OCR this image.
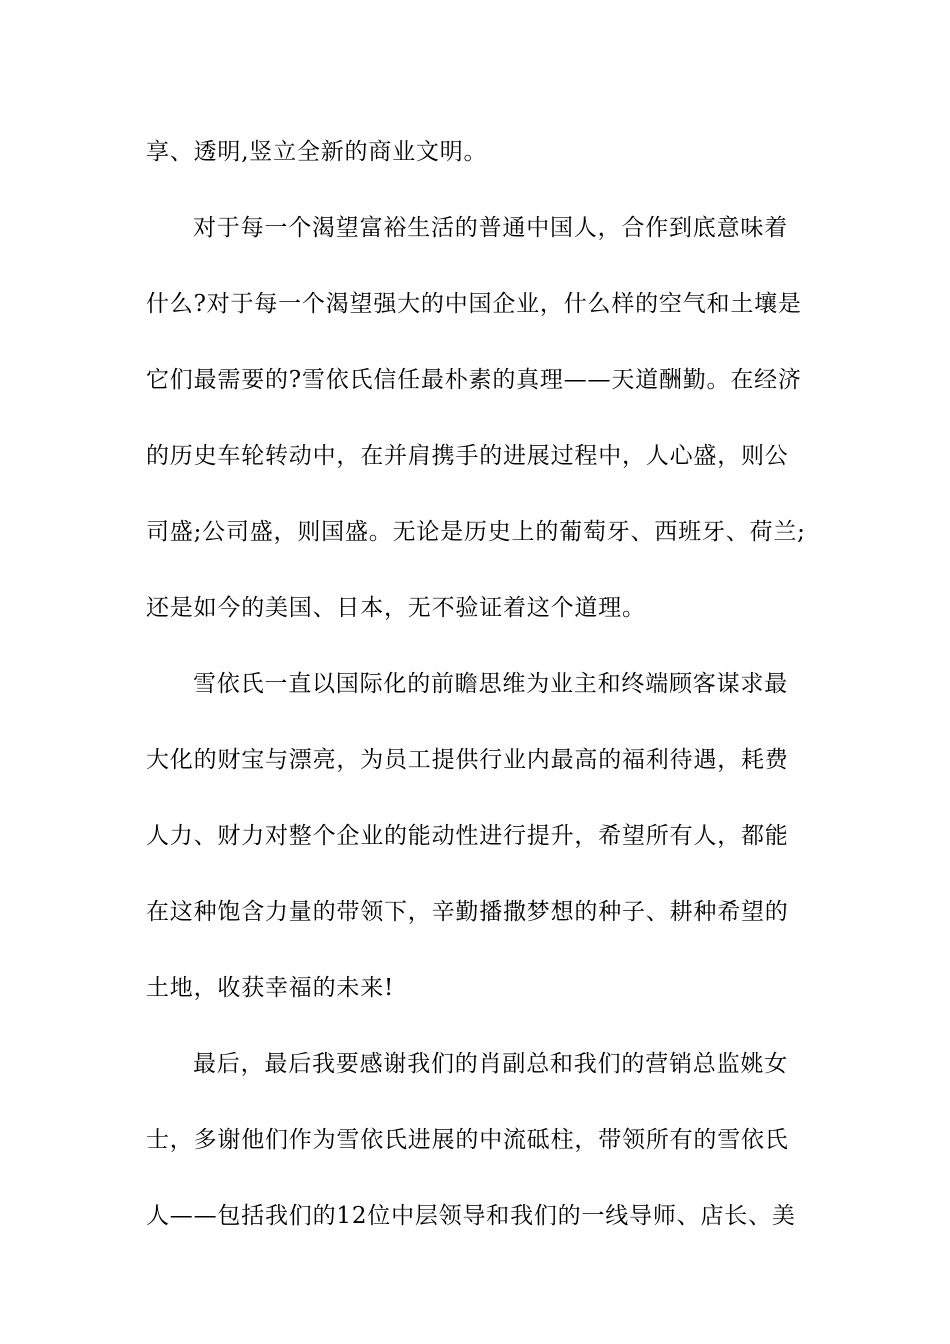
享、透明,竖立全新的商业文明。
对于每一个渴望富裕生活的普通中国人，合作到底意味着
什么?对于每一个渴望强大的中国企业，什么样的空气和土壤是
它们最需要的?雪依氏信任最朴素的真理——天道酬勤。在经济
的历史车轮转动中，在并肩携手的进展过程中，人心盛，则公
司盛;公司盛，则国盛。无论是历史上的葡萄牙、西班牙、荷兰;
还是如今的美国、日本，无不验证着这个道理。
雪依氏一直以国际化的前瞻思维为业主和终端顾客谋求最
大化的财宝与漂亮，为员工提供行业内最高的福利待遇，耗费
人力、财力对整个企业的能动性进行提升，希望所有人，都能
在这种饱含力量的带领下，辛勤播撒梦想的种子、耕种希望的
土地，收获幸福的未来!
最后，最后我要感谢我们的肖副总和我们的营销总监姚女
士，多谢他们作为雪依氏进展的中流砥柱，带领所有的雪依氏
人——包括我们的12位中层领导和我们的一线导师、店长、美
